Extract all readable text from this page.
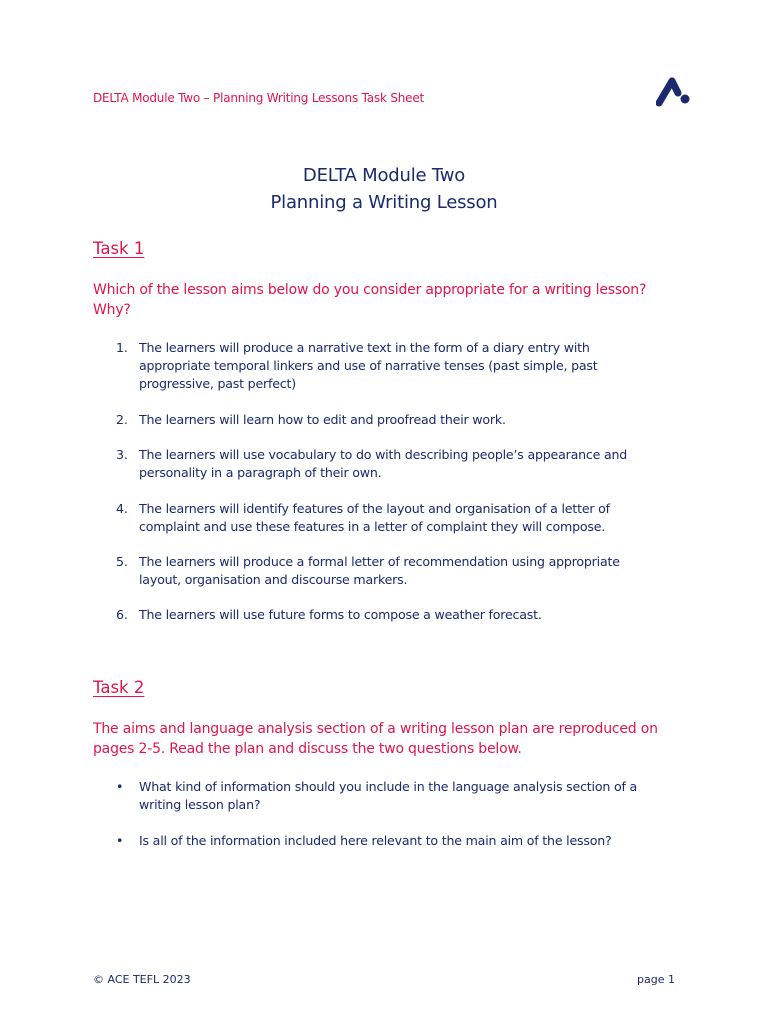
DELTA Module Two – Planning Writing Lessons Task Sheet
DELTA Module Two
Planning a Writing Lesson
Task 1
Which of the lesson aims below do you consider appropriate for a writing lesson? Why?
1. The learners will produce a narrative text in the form of a diary entry with appropriate temporal linkers and use of narrative tenses (past simple, past progressive, past perfect)
2. The learners will learn how to edit and proofread their work.
3. The learners will use vocabulary to do with describing people’s appearance and personality in a paragraph of their own.
4. The learners will identify features of the layout and organisation of a letter of complaint and use these features in a letter of complaint they will compose.
5. The learners will produce a formal letter of recommendation using appropriate layout, organisation and discourse markers.
6. The learners will use future forms to compose a weather forecast.
Task 2
The aims and language analysis section of a writing lesson plan are reproduced on pages 2-5. Read the plan and discuss the two questions below.
• What kind of information should you include in the language analysis section of a writing lesson plan?
• Is all of the information included here relevant to the main aim of the lesson?
© ACE TEFL 2023	page 1
